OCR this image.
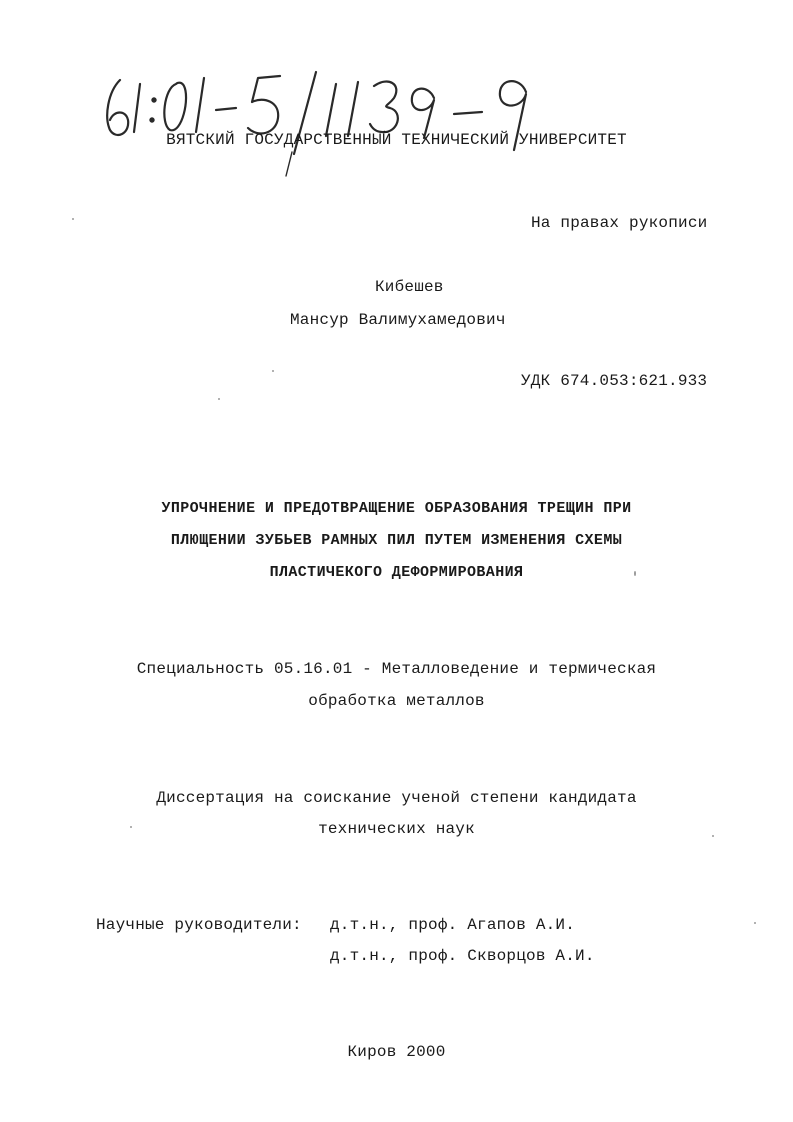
ВЯТСКИЙ ГОСУДАРСТВЕННЫЙ ТЕХНИЧЕСКИЙ УНИВЕРСИТЕТ
На правах рукописи
Кибешев
Мансур Валимухамедович
УДК 674.053:621.933
УПРОЧНЕНИЕ И ПРЕДОТВРАЩЕНИЕ ОБРАЗОВАНИЯ ТРЕЩИН ПРИ
ПЛЮЩЕНИИ ЗУБЬЕВ РАМНЫХ ПИЛ ПУТЕМ ИЗМЕНЕНИЯ СХЕМЫ
ПЛАСТИЧЕКОГО ДЕФОРМИРОВАНИЯ
Специальность 05.16.01 - Металловедение и термическая
обработка металлов
Диссертация на соискание ученой степени кандидата
технических наук
Научные руководители: д.т.н., проф. Агапов А.И.
д.т.н., проф. Скворцов А.И.
Киров 2000
